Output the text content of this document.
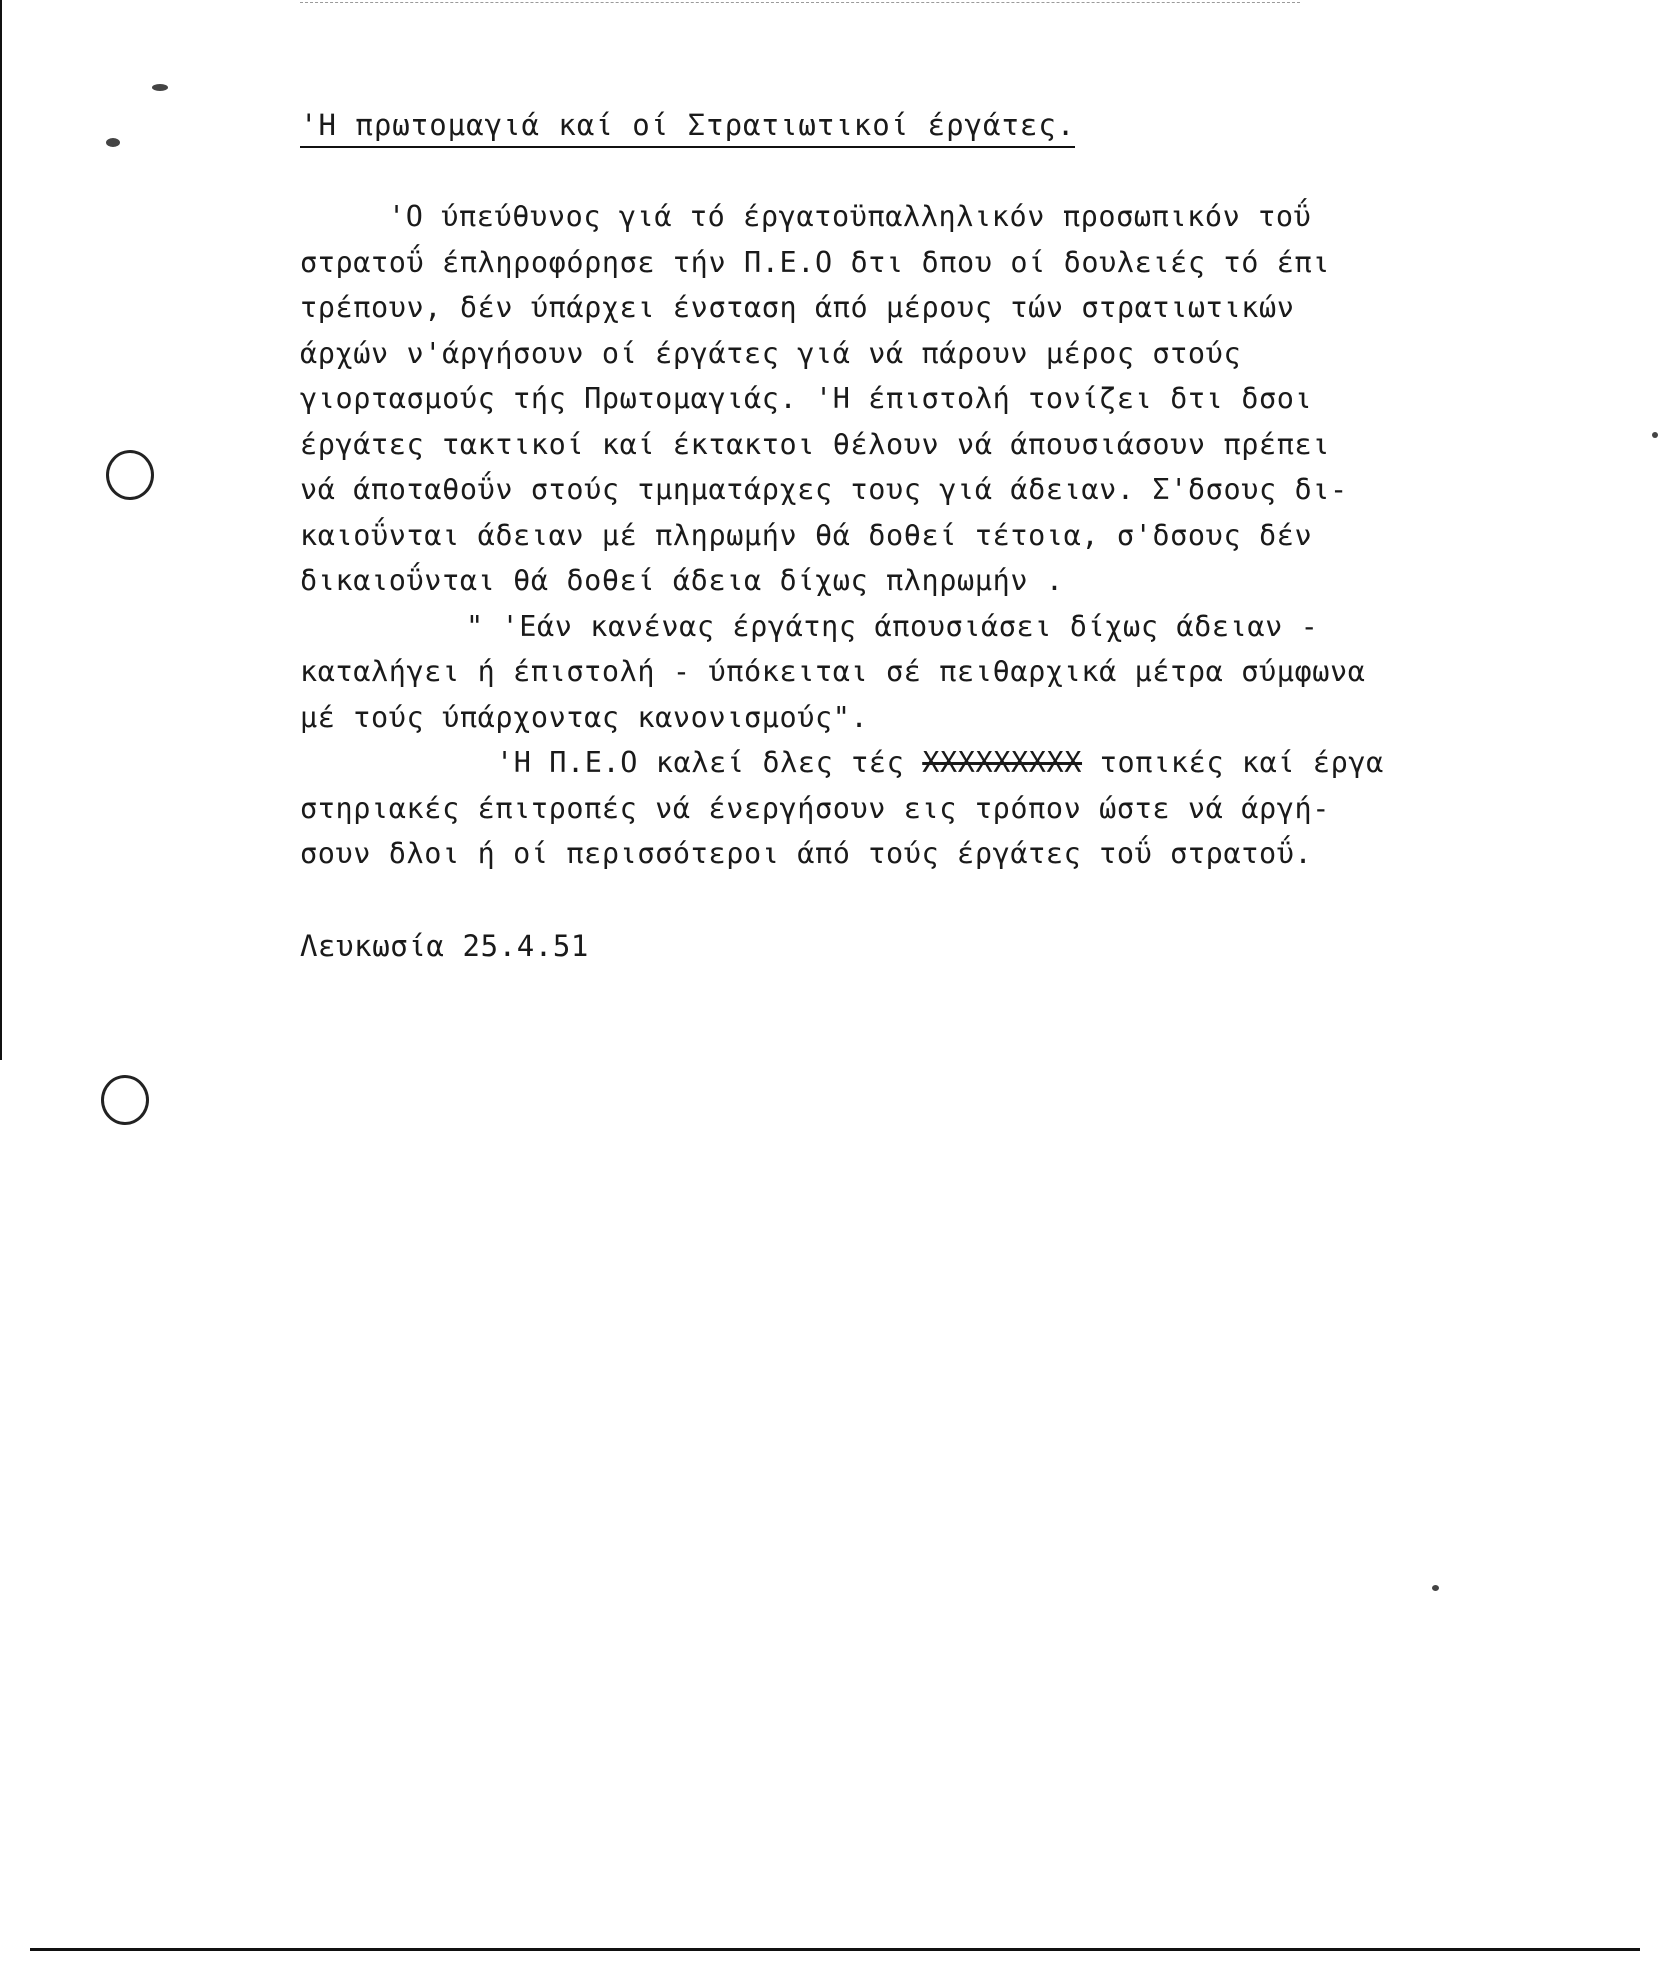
'Η πρωτομαγιά καί οί Στρατιωτικοί έργάτες.

'Ο ύπεύθυνος γιά τό έργατοϋπαλληλικόν προσωπικόν τοΰ
στρατοΰ έπληροφόρησε τήν Π.Ε.Ο δτι δπου οί δουλειές τό έπι
τρέπουν, δέν ύπάρχει ένσταση άπό μέρους τών στρατιωτικών
άρχών ν'άργήσουν οί έργάτες γιά νά πάρουν μέρος στούς
γιορτασμούς τής Πρωτομαγιάς. 'Η έπιστολή τονίζει δτι δσοι
έργάτες τακτικοί καί έκτακτοι θέλουν νά άπουσιάσουν πρέπει
νά άποταθοΰν στούς τμηματάρχες τους γιά άδειαν. Σ'δσους δι-
καιοΰνται άδειαν μέ πληρωμήν θά δοθεί τέτοια, σ'δσους δέν
δικαιοΰνται θά δοθεί άδεια δίχως πληρωμήν .

" 'Εάν κανένας έργάτης άπουσιάσει δίχως άδειαν -
καταλήγει ή έπιστολή - ύπόκειται σέ πειθαρχικά μέτρα σύμφωνα
μέ τούς ύπάρχοντας κανονισμούς".

'Η Π.Ε.Ο καλεί δλες τές XXXXXXXXX τοπικές καί έργα
στηριακές έπιτροπές νά ένεργήσουν εις τρόπον ώστε νά άργή-
σουν δλοι ή οί περισσότεροι άπό τούς έργάτες τοΰ στρατοΰ.

Λευκωσία 25.4.51
